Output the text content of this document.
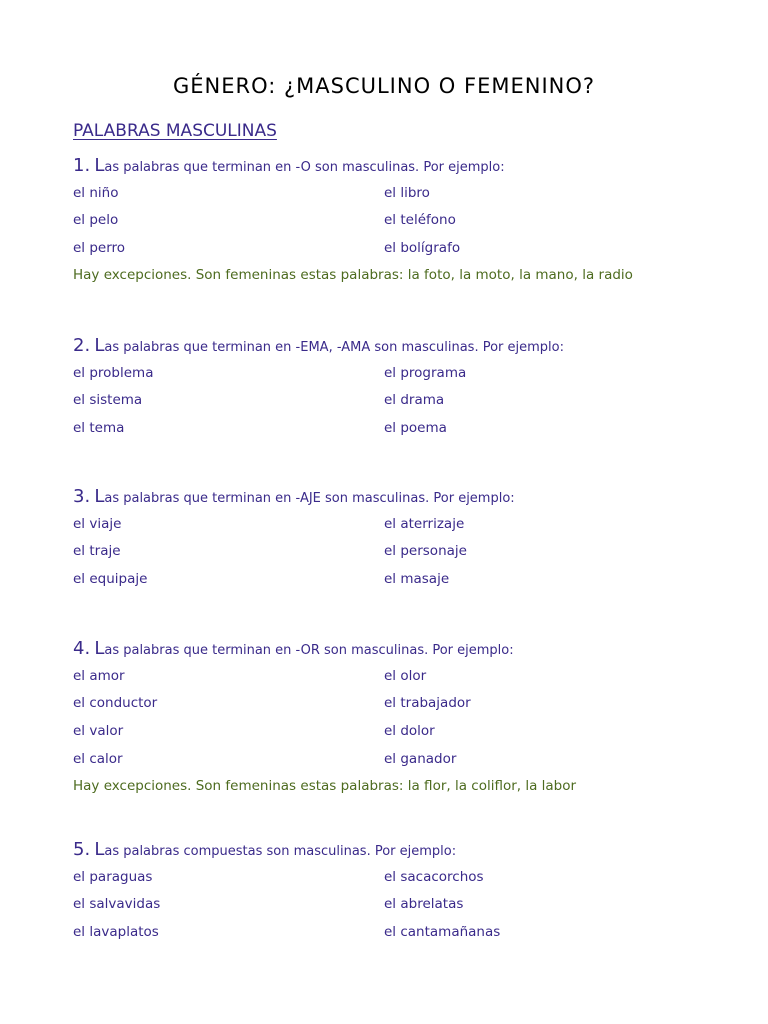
GÉNERO: ¿MASCULINO O FEMENINO?
PALABRAS MASCULINAS
1. Las palabras que terminan en -O son masculinas. Por ejemplo:
el niño	el libro
el pelo	el teléfono
el perro	el bolígrafo
Hay excepciones. Son femeninas estas palabras: la foto, la moto, la mano, la radio
2. Las palabras que terminan en -EMA, -AMA son masculinas. Por ejemplo:
el problema	el programa
el sistema	el drama
el tema	el poema
3. Las palabras que terminan en -AJE son masculinas. Por ejemplo:
el viaje	el aterrizaje
el traje	el personaje
el equipaje	el masaje
4. Las palabras que terminan en -OR son masculinas. Por ejemplo:
el amor	el olor
el conductor	el trabajador
el valor	el dolor
el calor	el ganador
Hay excepciones. Son femeninas estas palabras: la flor, la coliflor, la labor
5. Las palabras compuestas son masculinas. Por ejemplo:
el paraguas	el sacacorchos
el salvavidas	el abrelatas
el lavaplatos	el cantamañanas
